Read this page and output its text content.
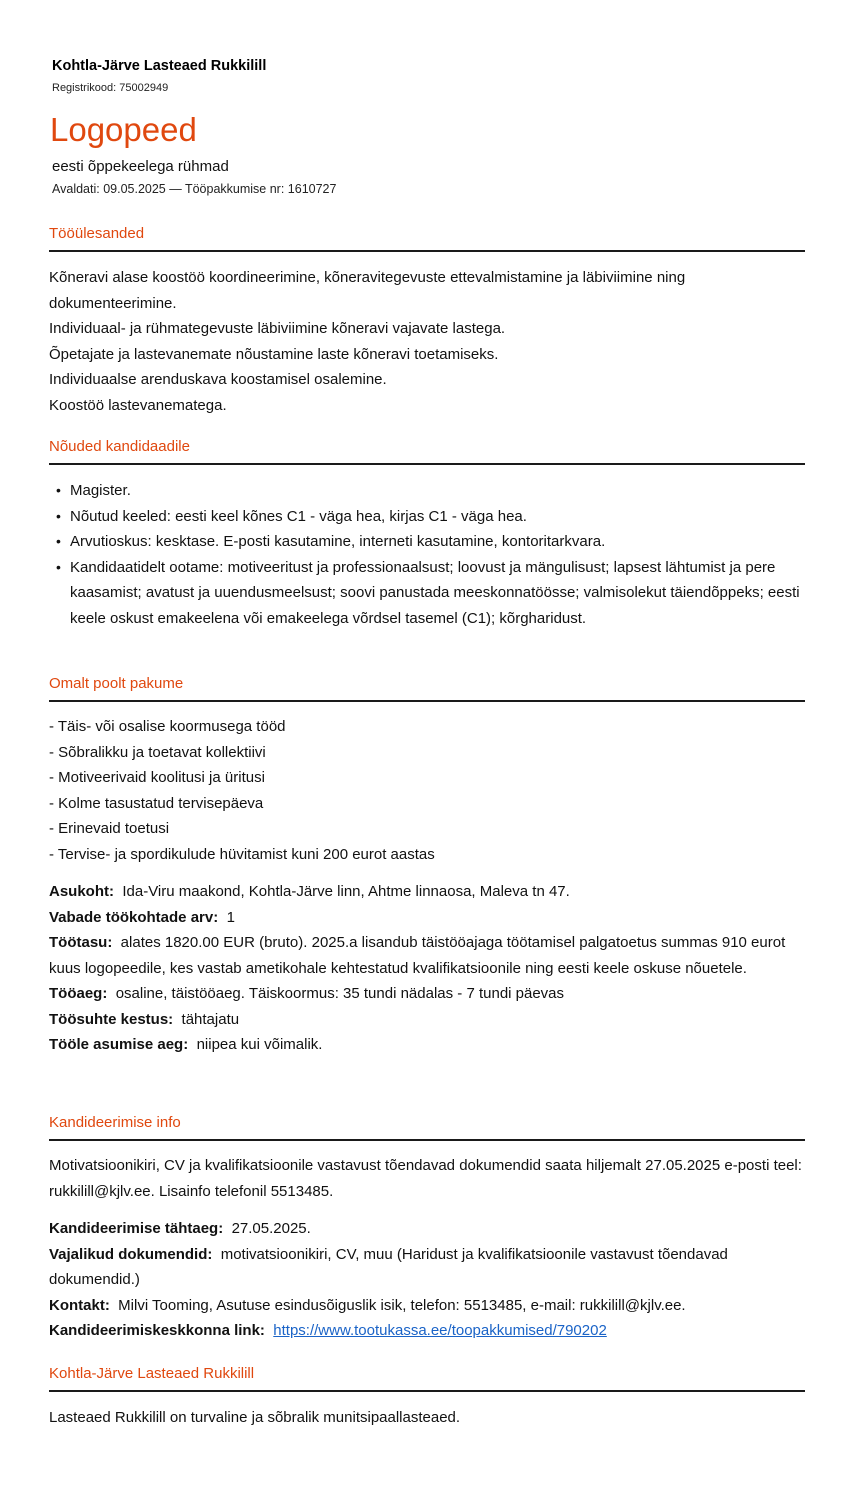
Kohtla-Järve Lasteaed Rukkilill
Registrikood: 75002949
Logopeed
eesti õppekeelega rühmad
Avaldati: 09.05.2025 — Tööpakkumise nr: 1610727
Tööülesanded

Kõneravi alase koostöö koordineerimine, kõneravitegevuste ettevalmistamine ja läbiviimine ning dokumenteerimine.

Individuaal- ja rühmategevuste läbiviimine kõneravi vajavate lastega.

Õpetajate ja lastevanemate nõustamine laste kõneravi toetamiseks.

Individuaalse arenduskava koostamisel osalemine.

Koostöö lastevanematega.

Nõuded kandidaadile
• Magister.
• Nõutud keeled: eesti keel kõnes C1 - väga hea, kirjas C1 - väga hea.
• Arvutioskus: kesktase. E-posti kasutamine, interneti kasutamine, kontoritarkvara.
• Kandidaatidelt ootame: motiveeritust ja professionaalsust; loovust ja mängulisust; lapsest lähtumist ja pere kaasamist; avatust ja uuendusmeelsust; soovi panustada meeskonnatöösse; valmisolekut täiendõppeks; eesti keele oskust emakeelena või emakeelega võrdsel tasemel (C1); kõrgharidust.
Omalt poolt pakume

- Täis- või osalise koormusega tööd

- Sõbralikku ja toetavat kollektiivi

- Motiveerivaid koolitusi ja üritusi

- Kolme tasustatud tervisepäeva

- Erinevaid toetusi

- Tervise- ja spordikulude hüvitamist kuni 200 eurot aastas

Asukoht: Ida-Viru maakond, Kohtla-Järve linn, Ahtme linnaosa, Maleva tn 47.

Vabade töökohtade arv: 1

Töötasu: alates 1820.00 EUR (bruto). 2025.a lisandub täistööajaga töötamisel palgatoetus summas 910 eurot kuus logopeedile, kes vastab ametikohale kehtestatud kvalifikatsioonile ning eesti keele oskuse nõuetele.

Tööaeg: osaline, täistööaeg. Täiskoormus: 35 tundi nädalas - 7 tundi päevas

Töösuhte kestus: tähtajatu

Tööle asumise aeg: niipea kui võimalik.

Kandideerimise info
Motivatsioonikiri, CV ja kvalifikatsioonile vastavust tõendavad dokumendid saata hiljemalt 27.05.2025 e-posti teel: rukkilill@kjlv.ee. Lisainfo telefonil 5513485.

Kandideerimise tähtaeg: 27.05.2025.

Vajalikud dokumendid: motivatsioonikiri, CV, muu (Haridust ja kvalifikatsioonile vastavust tõendavad dokumendid.)

Kontakt: Milvi Tooming, Asutuse esindusõiguslik isik, telefon: 5513485, e-mail: rukkilill@kjlv.ee.

Kandideerimiskeskkonna link: https://www.tootukassa.ee/toopakkumised/790202

Kohtla-Järve Lasteaed Rukkilill
Lasteaed Rukkilill on turvaline ja sõbralik munitsipaallasteaed.
